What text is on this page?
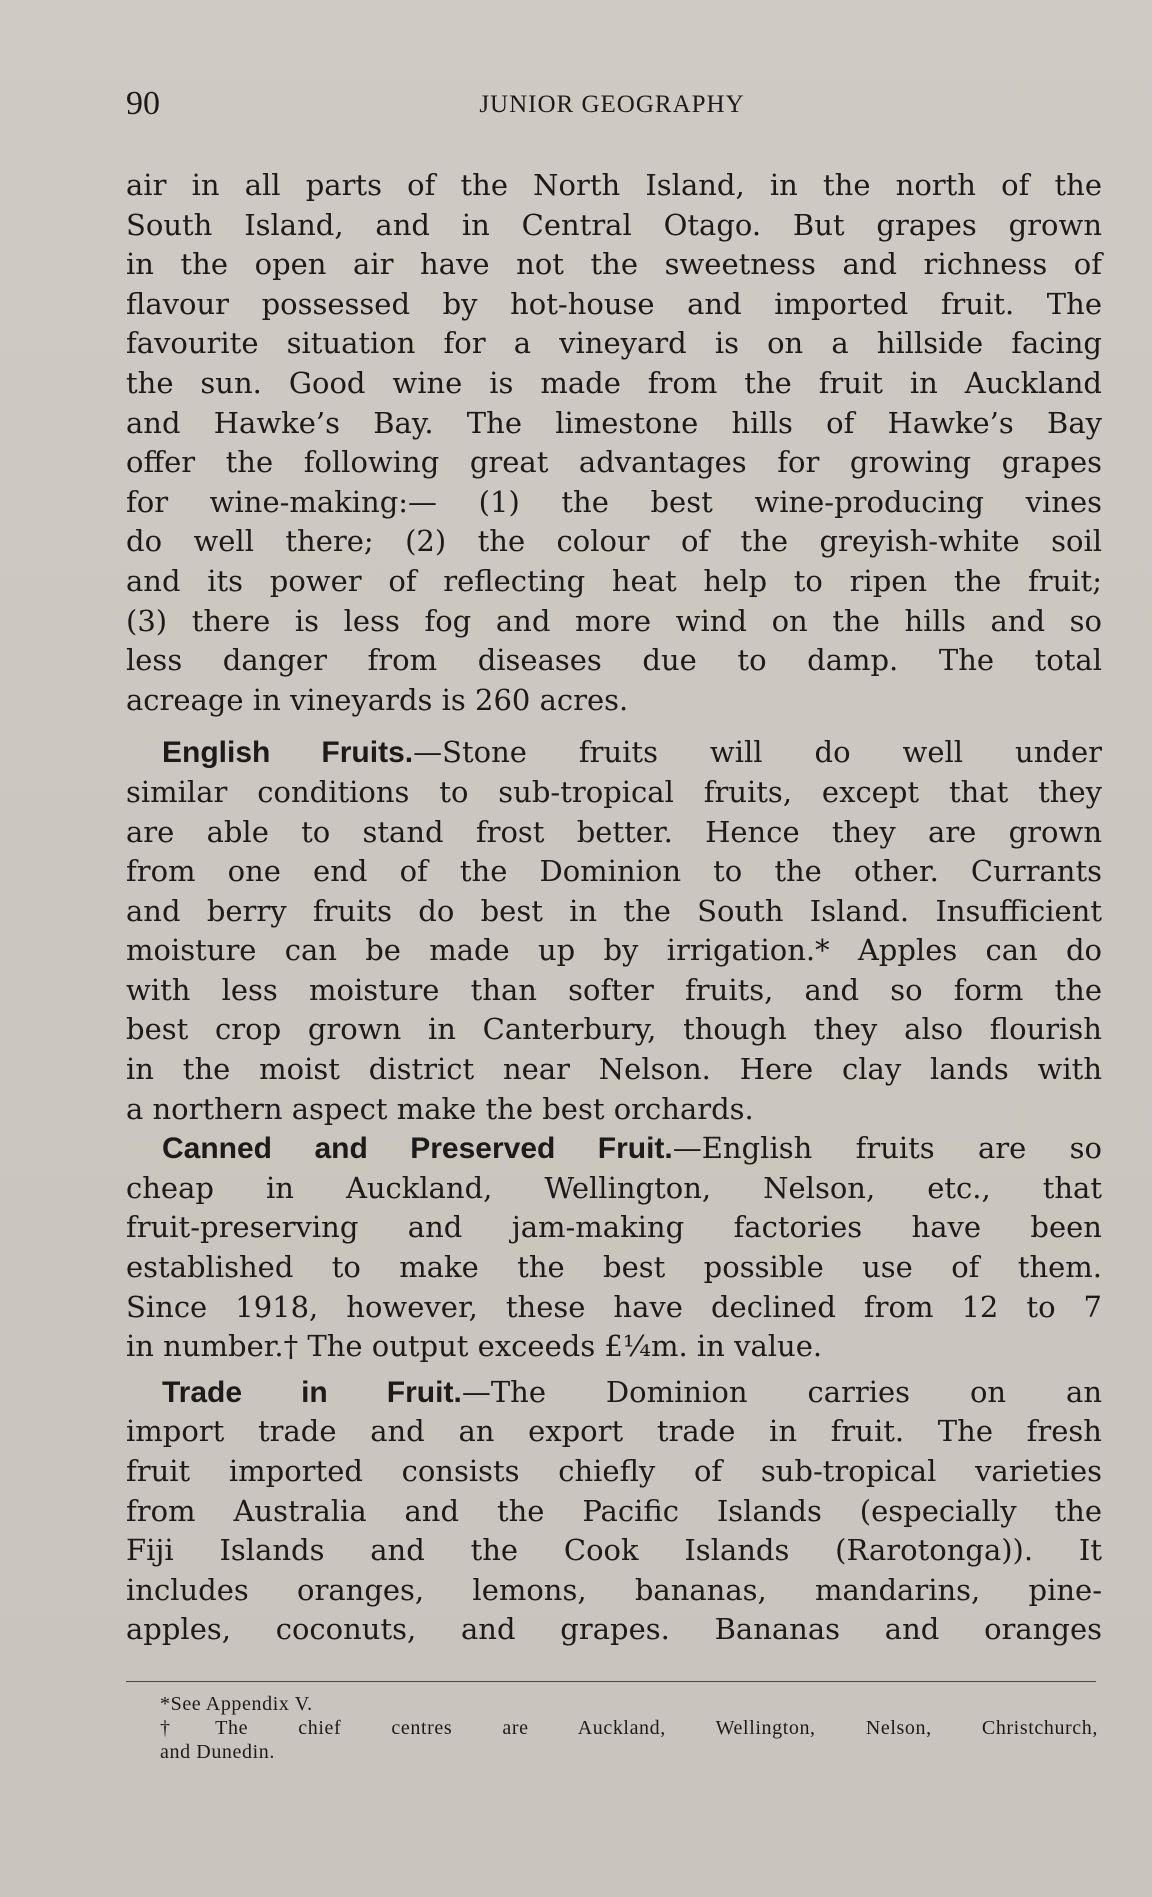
90	JUNIOR GEOGRAPHY
air in all parts of the North Island, in the north of the
South Island, and in Central Otago. But grapes grown
in the open air have not the sweetness and richness of
flavour possessed by hot-house and imported fruit. The
favourite situation for a vineyard is on a hillside facing
the sun. Good wine is made from the fruit in Auckland
and Hawke’s Bay. The limestone hills of Hawke’s Bay
offer the following great advantages for growing grapes
for wine-making:— (1) the best wine-producing vines
do well there; (2) the colour of the greyish-white soil
and its power of reflecting heat help to ripen the fruit;
(3) there is less fog and more wind on the hills and so
less danger from diseases due to damp. The total
acreage in vineyards is 260 acres.
English Fruits.—Stone fruits will do well under
similar conditions to sub-tropical fruits, except that they
are able to stand frost better. Hence they are grown
from one end of the Dominion to the other. Currants
and berry fruits do best in the South Island. Insufficient
moisture can be made up by irrigation.* Apples can do
with less moisture than softer fruits, and so form the
best crop grown in Canterbury, though they also flourish
in the moist district near Nelson. Here clay lands with
a northern aspect make the best orchards.
Canned and Preserved Fruit.—English fruits are so
cheap in Auckland, Wellington, Nelson, etc., that
fruit-preserving and jam-making factories have been
established to make the best possible use of them.
Since 1918, however, these have declined from 12 to 7
in number.† The output exceeds £¼m. in value.
Trade in Fruit.—The Dominion carries on an
import trade and an export trade in fruit. The fresh
fruit imported consists chiefly of sub-tropical varieties
from Australia and the Pacific Islands (especially the
Fiji Islands and the Cook Islands (Rarotonga)). It
includes oranges, lemons, bananas, mandarins, pine-
apples, coconuts, and grapes. Bananas and oranges
*See Appendix V.
†The chief centres are Auckland, Wellington, Nelson, Christchurch,
and Dunedin.
